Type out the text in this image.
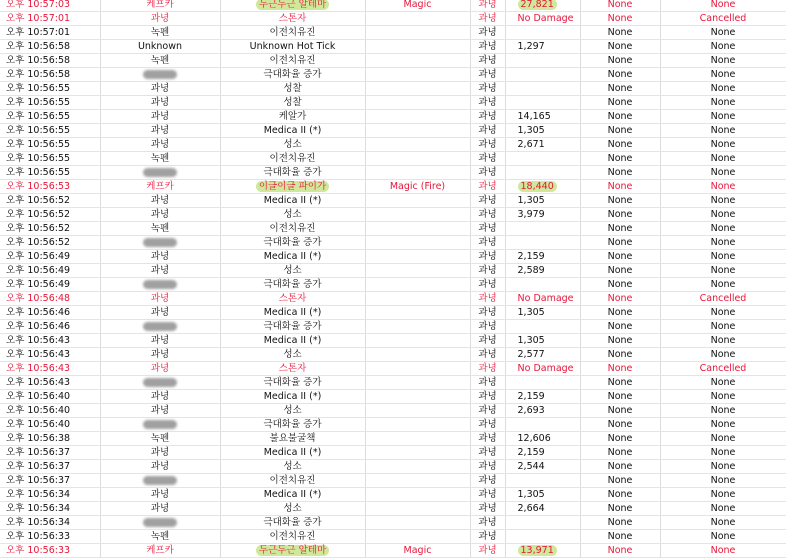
오후 10:57:03	케프카	두근두근 알테마	Magic	과녕	27,821	None	None
오후 10:57:01	과녕	스톤자		과녕	No Damage	None	Cancelled
오후 10:57:01	녹펜	이전치유진		과녕		None	None
오후 10:56:58	Unknown	Unknown Hot Tick		과녕	1,297	None	None
오후 10:56:58	녹펜	이전치유진		과녕		None	None
오후 10:56:58		극대화율 증가		과녕		None	None
오후 10:56:55	과녕	성찰		과녕		None	None
오후 10:56:55	과녕	성찰		과녕		None	None
오후 10:56:55	과녕	케알가		과녕	14,165	None	None
오후 10:56:55	과녕	Medica II (*)		과녕	1,305	None	None
오후 10:56:55	과녕	성소		과녕	2,671	None	None
오후 10:56:55	녹펜	이전치유진		과녕		None	None
오후 10:56:55		극대화율 증가		과녕		None	None
오후 10:56:53	케프카	이글이글 파이가	Magic (Fire)	과녕	18,440	None	None
오후 10:56:52	과녕	Medica II (*)		과녕	1,305	None	None
오후 10:56:52	과녕	성소		과녕	3,979	None	None
오후 10:56:52	녹펜	이전치유진		과녕		None	None
오후 10:56:52		극대화율 증가		과녕		None	None
오후 10:56:49	과녕	Medica II (*)		과녕	2,159	None	None
오후 10:56:49	과녕	성소		과녕	2,589	None	None
오후 10:56:49		극대화율 증가		과녕		None	None
오후 10:56:48	과녕	스톤자		과녕	No Damage	None	Cancelled
오후 10:56:46	과녕	Medica II (*)		과녕	1,305	None	None
오후 10:56:46		극대화율 증가		과녕		None	None
오후 10:56:43	과녕	Medica II (*)		과녕	1,305	None	None
오후 10:56:43	과녕	성소		과녕	2,577	None	None
오후 10:56:43	과녕	스톤자		과녕	No Damage	None	Cancelled
오후 10:56:43		극대화율 증가		과녕		None	None
오후 10:56:40	과녕	Medica II (*)		과녕	2,159	None	None
오후 10:56:40	과녕	성소		과녕	2,693	None	None
오후 10:56:40		극대화율 증가		과녕		None	None
오후 10:56:38	녹펜	불요불굴책		과녕	12,606	None	None
오후 10:56:37	과녕	Medica II (*)		과녕	2,159	None	None
오후 10:56:37	과녕	성소		과녕	2,544	None	None
오후 10:56:37		이전치유진		과녕		None	None
오후 10:56:34	과녕	Medica II (*)		과녕	1,305	None	None
오후 10:56:34	과녕	성소		과녕	2,664	None	None
오후 10:56:34		극대화율 증가		과녕		None	None
오후 10:56:33	녹펜	이전치유진		과녕		None	None
오후 10:56:33	케프카	두근두근 알테마	Magic	과녕	13,971	None	None
